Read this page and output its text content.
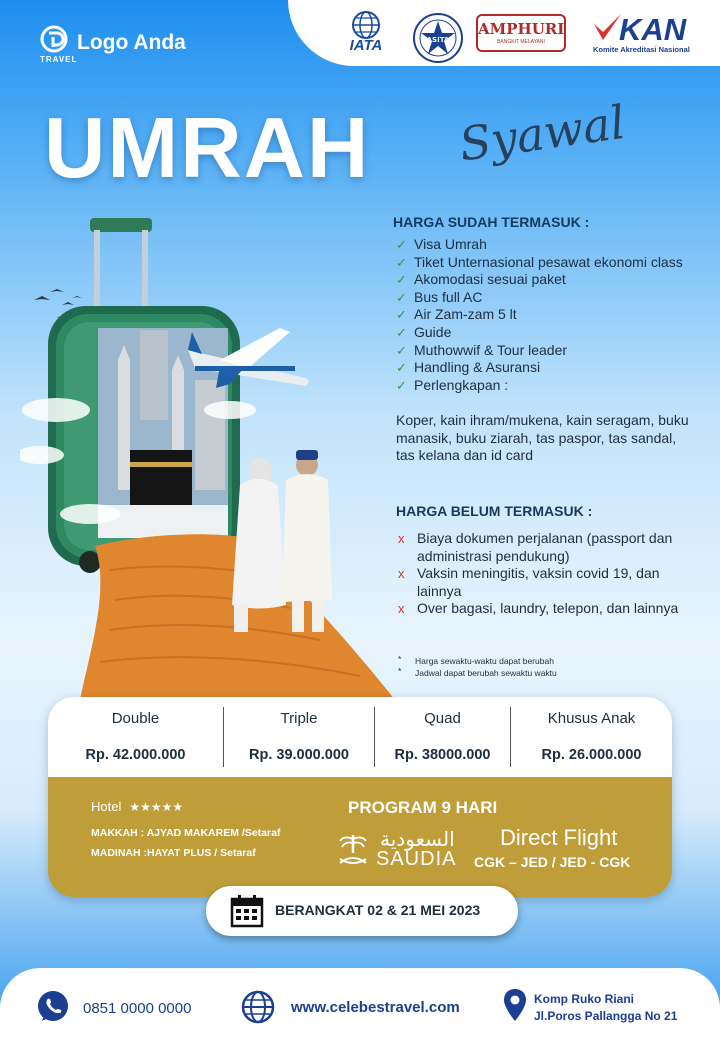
Logo Anda
TRAVEL
IATA	ASITA
AMPHURI
BANGKIT MELAYANI	KAN
Komite Akreditasi Nasional
UMRAH Syawal
HARGA SUDAH TERMASUK :
✓ Visa Umrah
✓ Tiket Unternasional pesawat ekonomi class
✓ Akomodasi sesuai paket
✓ Bus full AC
✓ Air Zam-zam 5 lt
✓ Guide
✓ Muthowwif & Tour leader
✓ Handling & Asuransi
✓ Perlengkapan :
Koper, kain ihram/mukena, kain seragam, buku manasik, buku ziarah, tas paspor, tas sandal, tas kelana dan id card
HARGA BELUM TERMASUK :
x Biaya dokumen perjalanan (passport dan administrasi pendukung)
x Vaksin meningitis, vaksin covid 19, dan lainnya
x Over bagasi, laundry, telepon, dan lainnya
* Harga sewaktu-waktu dapat berubah
* Jadwal dapat berubah sewaktu waktu
Double
Rp. 42.000.000
Triple
Rp. 39.000.000
Quad
Rp. 38000.000
Khusus Anak
Rp. 26.000.000
Hotel ★★★★★
MAKKAH : AJYAD MAKAREM /Setaraf
MADINAH :HAYAT PLUS / Setaraf
PROGRAM 9 HARI
السعودية
SAUDIA
Direct Flight
CGK – JED / JED - CGK
BERANGKAT 02 & 21 MEI 2023
0851 0000 0000	www.celebestravel.com	Komp Ruko Riani
Jl.Poros Pallangga No 21
